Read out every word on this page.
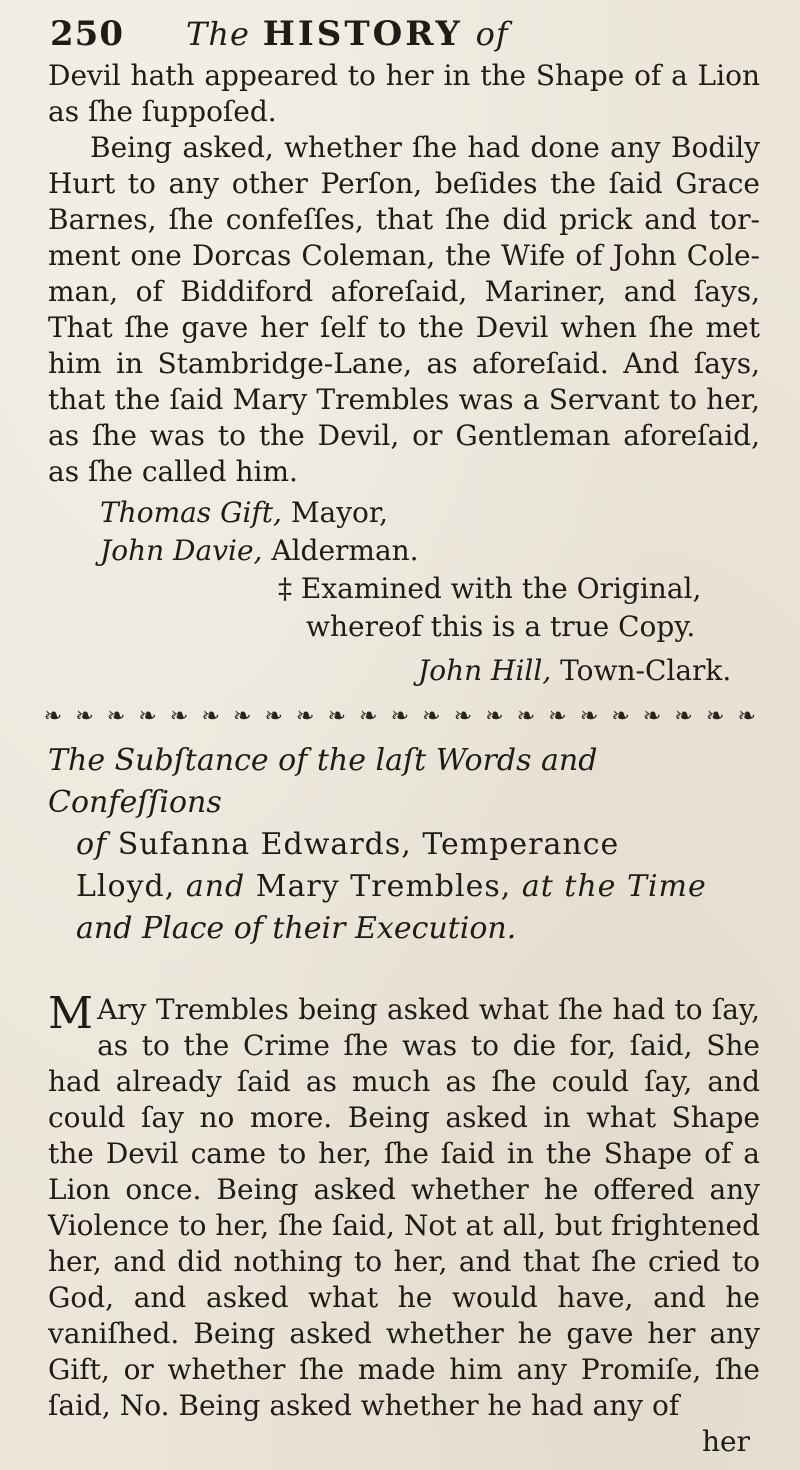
250 The HISTORY of

Devil hath appeared to her in the Shape of a Lion as ſhe ſuppoſed.

Being asked, whether ſhe had done any Bodily Hurt to any other Perſon, beſides the ſaid Grace Barnes, ſhe confeſſes, that ſhe did prick and torment one Dorcas Coleman, the Wife of John Coleman, of Biddiford aforeſaid, Mariner, and ſays, That ſhe gave her ſelf to the Devil when ſhe met him in Stambridge-Lane, as aforeſaid. And ſays, that the ſaid Mary Trembles was a Servant to her, as ſhe was to the Devil, or Gentleman aforeſaid, as ſhe called him.

Thomas Gift, Mayor,
John Davie, Alderman.
‡ Examined with the Original,
whereof this is a true Copy.
John Hill, Town-Clark.
❧ ❧ ❧ ❧ ❧ ❧ ❧ ❧ ❧ ❧ ❧ ❧ ❧ ❧ ❧ ❧ ❧ ❧ ❧ ❧ ❧ ❧ ❧
The Subſtance of the laſt Words and Confeſſions
of Sufanna Edwards, Temperance
Lloyd, and Mary Trembles, at the Time
and Place of their Execution.

M Ary Trembles being asked what ſhe had to ſay, as to the Crime ſhe was to die for, ſaid, She had already ſaid as much as ſhe could ſay, and could ſay no more. Being asked in what Shape the Devil came to her, ſhe ſaid in the Shape of a Lion once. Being asked whether he offered any Violence to her, ſhe ſaid, Not at all, but frightened her, and did nothing to her, and that ſhe cried to God, and asked what he would have, and he vaniſhed. Being asked whether he gave her any Gift, or whether ſhe made him any Promiſe, ſhe ſaid, No. Being asked whether he had any of

her
